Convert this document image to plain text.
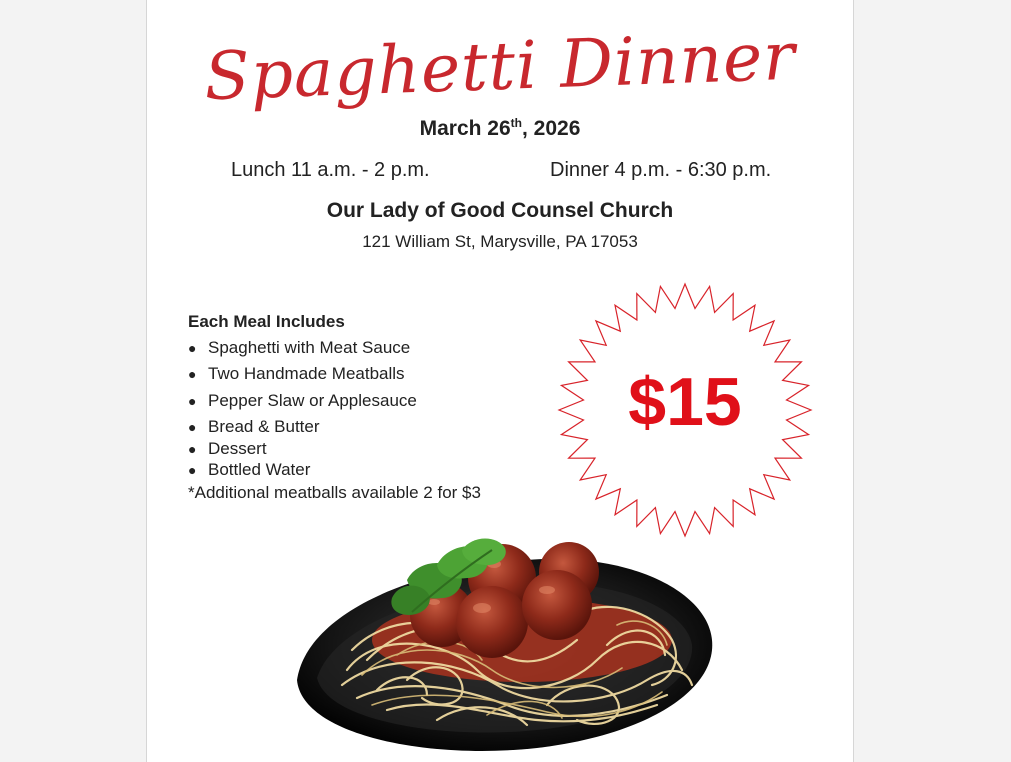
Spaghetti Dinner
March 26th, 2026
Lunch 11 a.m. - 2 p.m.	Dinner 4 p.m. - 6:30 p.m.
Our Lady of Good Counsel Church
121 William St, Marysville, PA 17053
Each Meal Includes
● Spaghetti with Meat Sauce
● Two Handmade Meatballs
● Pepper Slaw or Applesauce
● Bread & Butter
● Dessert
● Bottled Water
*Additional meatballs available 2 for $3
$15
